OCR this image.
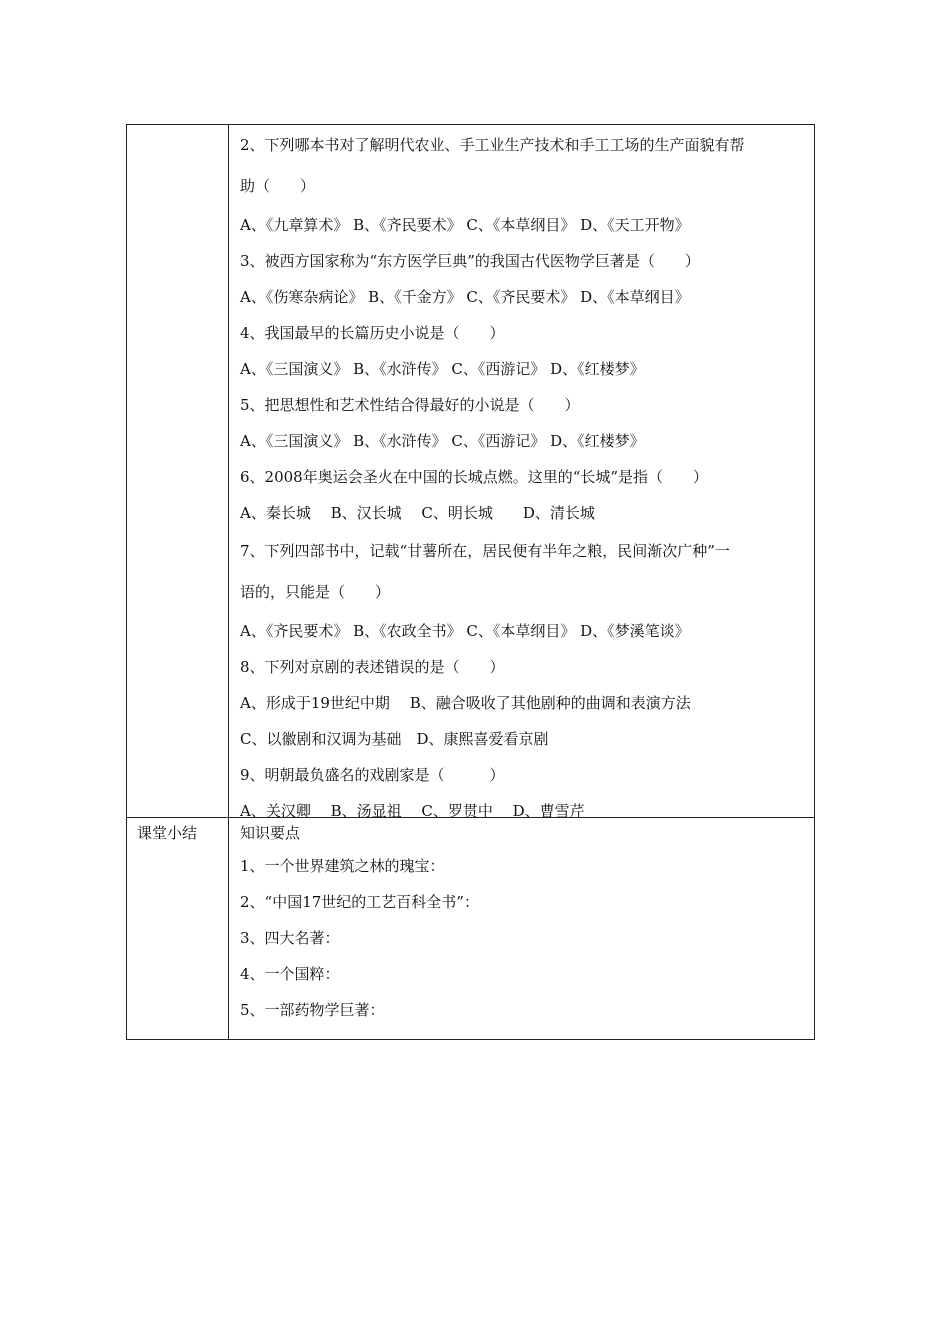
2、下列哪本书对了解明代农业、手工业生产技术和手工工场的生产面貌有帮
助（　　）
A、《九章算术》 B、《齐民要术》 C、《本草纲目》 D、《天工开物》
3、被西方国家称为“东方医学巨典”的我国古代医物学巨著是（　　）
A、《伤寒杂病论》 B、《千金方》 C、《齐民要术》 D、《本草纲目》
4、我国最早的长篇历史小说是（　　）
A、《三国演义》 B、《水浒传》 C、《西游记》 D、《红楼梦》
5、把思想性和艺术性结合得最好的小说是（　　）
A、《三国演义》 B、《水浒传》 C、《西游记》 D、《红楼梦》
6、2008年奥运会圣火在中国的长城点燃。这里的“长城”是指（　　）
A、秦长城　 B、汉长城　 C、明长城　　D、清长城
7、下列四部书中，记载“甘薯所在，居民便有半年之粮，民间渐次广种”一
语的，只能是（　　）
A、《齐民要术》 B、《农政全书》 C、《本草纲目》 D、《梦溪笔谈》
8、下列对京剧的表述错误的是（　　）
A、形成于19世纪中期　 B、融合吸收了其他剧种的曲调和表演方法
C、以徽剧和汉调为基础　D、康熙喜爱看京剧
9、明朝最负盛名的戏剧家是（　　　）
A、关汉卿　 B、汤显祖　 C、罗贯中　 D、曹雪芹
课堂小结	知识要点
1、一个世界建筑之林的瑰宝：
2、“中国17世纪的工艺百科全书”：
3、四大名著：
4、一个国粹：
5、一部药物学巨著：
